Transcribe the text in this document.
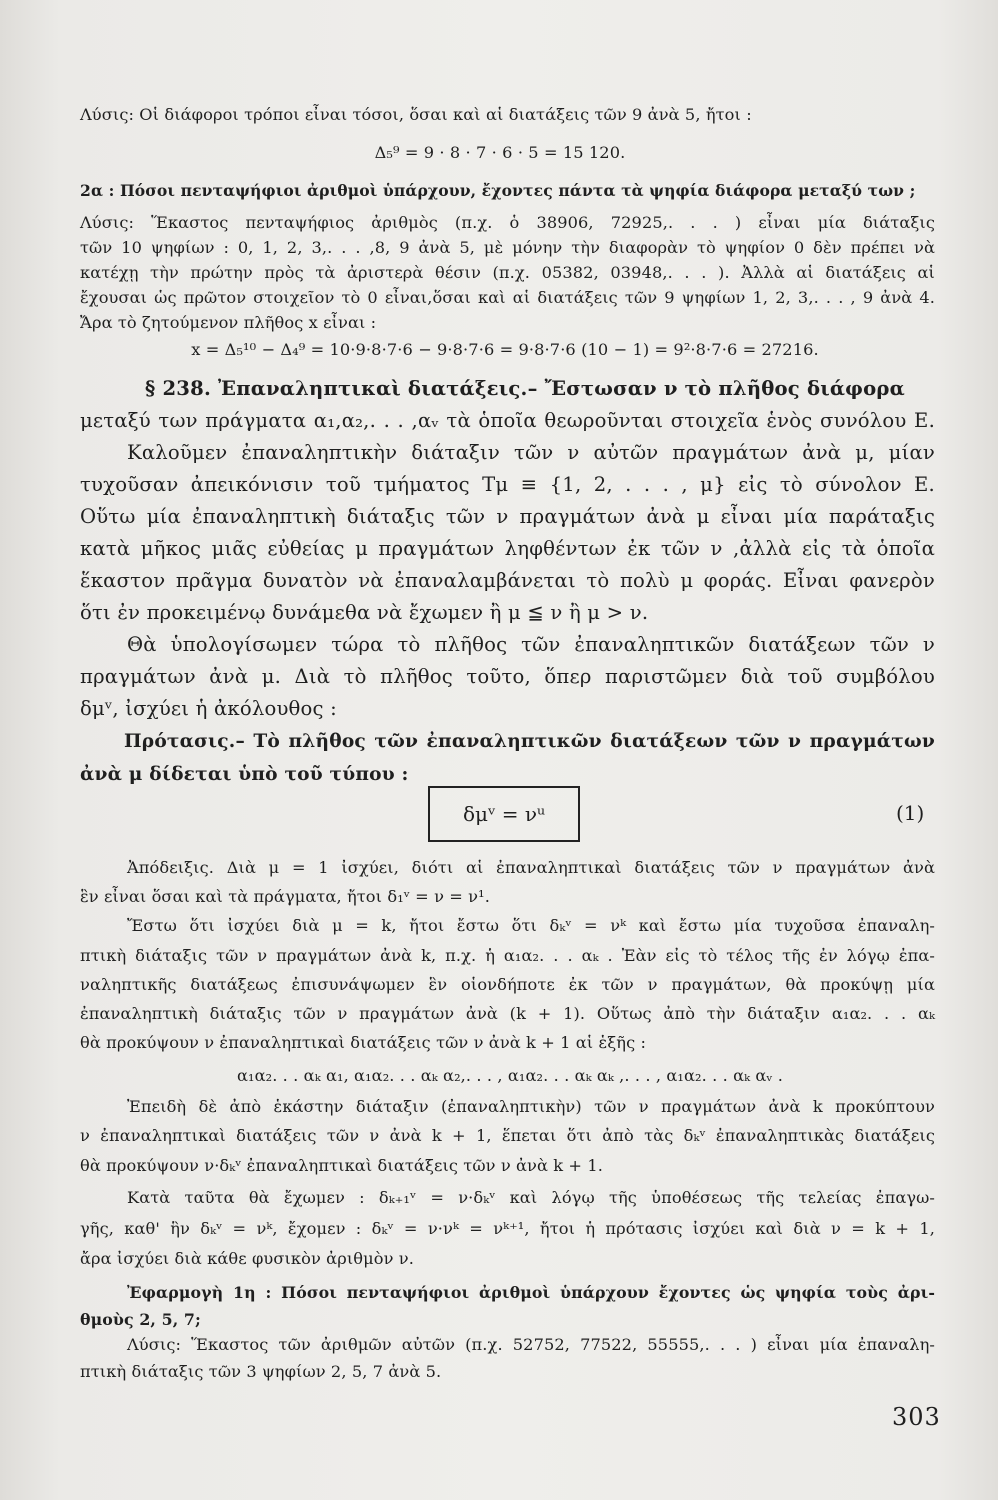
Λύσις: Οἱ διάφοροι τρόποι εἶναι τόσοι, ὅσαι καὶ αἱ διατάξεις τῶν 9 ἀνὰ 5, ἤτοι :
Δ₅⁹ = 9 · 8 · 7 · 6 · 5 = 15 120.
2α : Πόσοι πενταψήφιοι ἀριθμοὶ ὑπάρχουν, ἔχοντες πάντα τὰ ψηφία διάφορα μεταξύ των ;
Λύσις: Ἕκαστος πενταψήφιος ἀριθμὸς (π.χ. ὁ 38906, 72925,. . . ) εἶναι μία διάταξις
τῶν 10 ψηφίων : 0, 1, 2, 3,. . . ,8, 9 ἀνὰ 5, μὲ μόνην τὴν διαφορὰν τὸ ψηφίον 0 δὲν πρέπει νὰ
κατέχῃ τὴν πρώτην πρὸς τὰ ἀριστερὰ θέσιν (π.χ. 05382, 03948,. . . ). Ἀλλὰ αἱ διατάξεις αἱ
ἔχουσαι ὡς πρῶτον στοιχεῖον τὸ 0 εἶναι,ὅσαι καὶ αἱ διατάξεις τῶν 9 ψηφίων 1, 2, 3,. . . , 9 ἀνὰ 4.
Ἄρα τὸ ζητούμενον πλῆθος x εἶναι :
x = Δ₅¹⁰ − Δ₄⁹ = 10·9·8·7·6 − 9·8·7·6 = 9·8·7·6 (10 − 1) = 9²·8·7·6 = 27216.
§ 238. Ἐπαναληπτικαὶ διατάξεις.– Ἔστωσαν ν τὸ πλῆθος διάφορα
μεταξύ των πράγματα α₁,α₂,. . . ,αᵥ τὰ ὁποῖα θεωροῦνται στοιχεῖα ἑνὸς συνόλου Ε.
Καλοῦμεν ἐπαναληπτικὴν διάταξιν τῶν ν αὐτῶν πραγμάτων ἀνὰ μ, μίαν
τυχοῦσαν ἀπεικόνισιν τοῦ τμήματος Τμ ≡ {1, 2, . . . , μ} εἰς τὸ σύνολον Ε.
Οὕτω μία ἐπαναληπτικὴ διάταξις τῶν ν πραγμάτων ἀνὰ μ εἶναι μία παράταξις
κατὰ μῆκος μιᾶς εὐθείας μ πραγμάτων ληφθέντων ἐκ τῶν ν ,ἀλλὰ εἰς τὰ ὁποῖα
ἕκαστον πρᾶγμα δυνατὸν νὰ ἐπαναλαμβάνεται τὸ πολὺ μ φοράς. Εἶναι φανερὸν
ὅτι ἐν προκειμένῳ δυνάμεθα νὰ ἔχωμεν ἢ μ ≦ ν ἢ μ > ν.
Θὰ ὑπολογίσωμεν τώρα τὸ πλῆθος τῶν ἐπαναληπτικῶν διατάξεων τῶν ν
πραγμάτων ἀνὰ μ. Διὰ τὸ πλῆθος τοῦτο, ὅπερ παριστῶμεν διὰ τοῦ συμβόλου
δμᵛ, ἰσχύει ἡ ἀκόλουθος :
Πρότασις.– Τὸ πλῆθος τῶν ἐπαναληπτικῶν διατάξεων τῶν ν πραγμάτων
ἀνὰ μ δίδεται ὑπὸ τοῦ τύπου :
δμᵛ = νᵘ	(1)
Ἀπόδειξις. Διὰ μ = 1 ἰσχύει, διότι αἱ ἐπαναληπτικαὶ διατάξεις τῶν ν πραγμάτων ἀνὰ
ἓν εἶναι ὅσαι καὶ τὰ πράγματα, ἤτοι δ₁ᵛ = ν = ν¹.
Ἔστω ὅτι ἰσχύει διὰ μ = k, ἤτοι ἔστω ὅτι δₖᵛ = νᵏ καὶ ἔστω μία τυχοῦσα ἐπαναλη-
πτικὴ διάταξις τῶν ν πραγμάτων ἀνὰ k, π.χ. ἡ α₁α₂. . . αₖ . Ἐὰν εἰς τὸ τέλος τῆς ἐν λόγῳ ἐπα-
ναληπτικῆς διατάξεως ἐπισυνάψωμεν ἓν οἱονδήποτε ἐκ τῶν ν πραγμάτων, θὰ προκύψῃ μία
ἐπαναληπτικὴ διάταξις τῶν ν πραγμάτων ἀνὰ (k + 1). Οὕτως ἀπὸ τὴν διάταξιν α₁α₂. . . αₖ
θὰ προκύψουν ν ἐπαναληπτικαὶ διατάξεις τῶν ν ἀνὰ k + 1 αἱ ἑξῆς :
α₁α₂. . . αₖ α₁, α₁α₂. . . αₖ α₂,. . . , α₁α₂. . . αₖ αₖ ,. . . , α₁α₂. . . αₖ αᵥ .
Ἐπειδὴ δὲ ἀπὸ ἑκάστην διάταξιν (ἐπαναληπτικὴν) τῶν ν πραγμάτων ἀνὰ k προκύπτουν
ν ἐπαναληπτικαὶ διατάξεις τῶν ν ἀνὰ k + 1, ἕπεται ὅτι ἀπὸ τὰς δₖᵛ ἐπαναληπτικὰς διατάξεις
θὰ προκύψουν ν·δₖᵛ ἐπαναληπτικαὶ διατάξεις τῶν ν ἀνὰ k + 1.
Κατὰ ταῦτα θὰ ἔχωμεν : δₖ₊₁ᵛ = ν·δₖᵛ καὶ λόγῳ τῆς ὑποθέσεως τῆς τελείας ἐπαγω-
γῆς, καθ' ἣν δₖᵛ = νᵏ, ἔχομεν : δₖᵛ = ν·νᵏ = νᵏ⁺¹, ἤτοι ἡ πρότασις ἰσχύει καὶ διὰ ν = k + 1,
ἄρα ἰσχύει διὰ κάθε φυσικὸν ἀριθμὸν ν.
Ἐφαρμογὴ 1η : Πόσοι πενταψήφιοι ἀριθμοὶ ὑπάρχουν ἔχοντες ὡς ψηφία τοὺς ἀρι-
θμοὺς 2, 5, 7;
Λύσις: Ἕκαστος τῶν ἀριθμῶν αὐτῶν (π.χ. 52752, 77522, 55555,. . . ) εἶναι μία ἐπαναλη-
πτικὴ διάταξις τῶν 3 ψηφίων 2, 5, 7 ἀνὰ 5.
303
